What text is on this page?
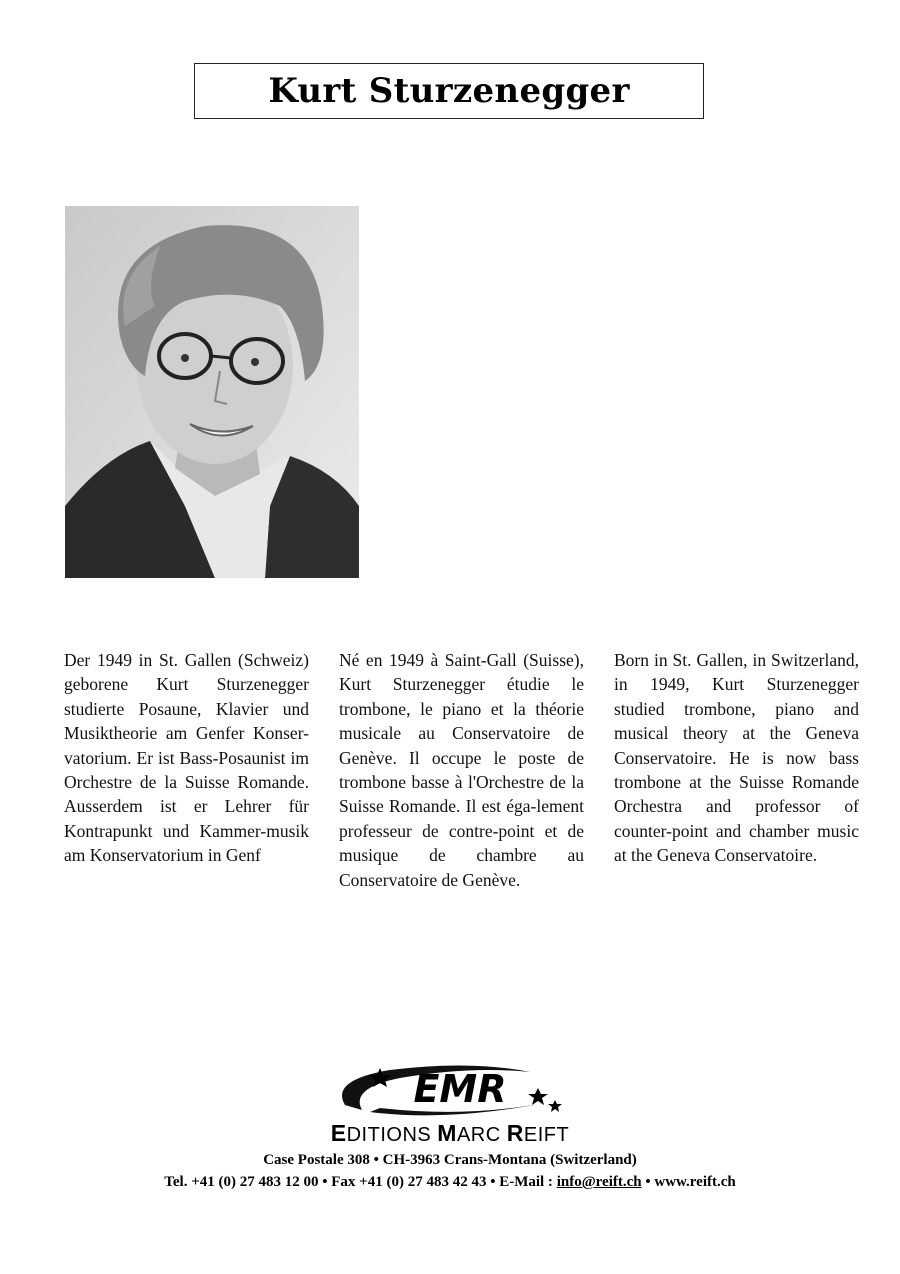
Kurt Sturzenegger
Der 1949 in St. Gallen (Schweiz) geborene Kurt Sturzenegger studierte Posaune, Klavier und Musiktheorie am Genfer Konser-vatorium. Er ist Bass-Posaunist im Orchestre de la Suisse Romande. Ausserdem ist er Lehrer für Kontrapunkt und Kammer-musik am Konservatorium in Genf
Né en 1949 à Saint-Gall (Suisse), Kurt Sturzenegger étudie le trombone, le piano et la théorie musicale au Conservatoire de Genève. Il occupe le poste de trombone basse à l'Orchestre de la Suisse Romande. Il est éga-lement professeur de contre-point et de musique de chambre au Conservatoire de Genève.
Born in St. Gallen, in Switzerland, in 1949, Kurt Sturzenegger studied trombone, piano and musical theory at the Geneva Conservatoire. He is now bass trombone at the Suisse Romande Orchestra and professor of counter-point and chamber music at the Geneva Conservatoire.
EMR
EDITIONS MARC REIFT
Case Postale 308 • CH-3963 Crans-Montana (Switzerland)
Tel. +41 (0) 27 483 12 00 • Fax +41 (0) 27 483 42 43 • E-Mail : info@reift.ch • www.reift.ch
